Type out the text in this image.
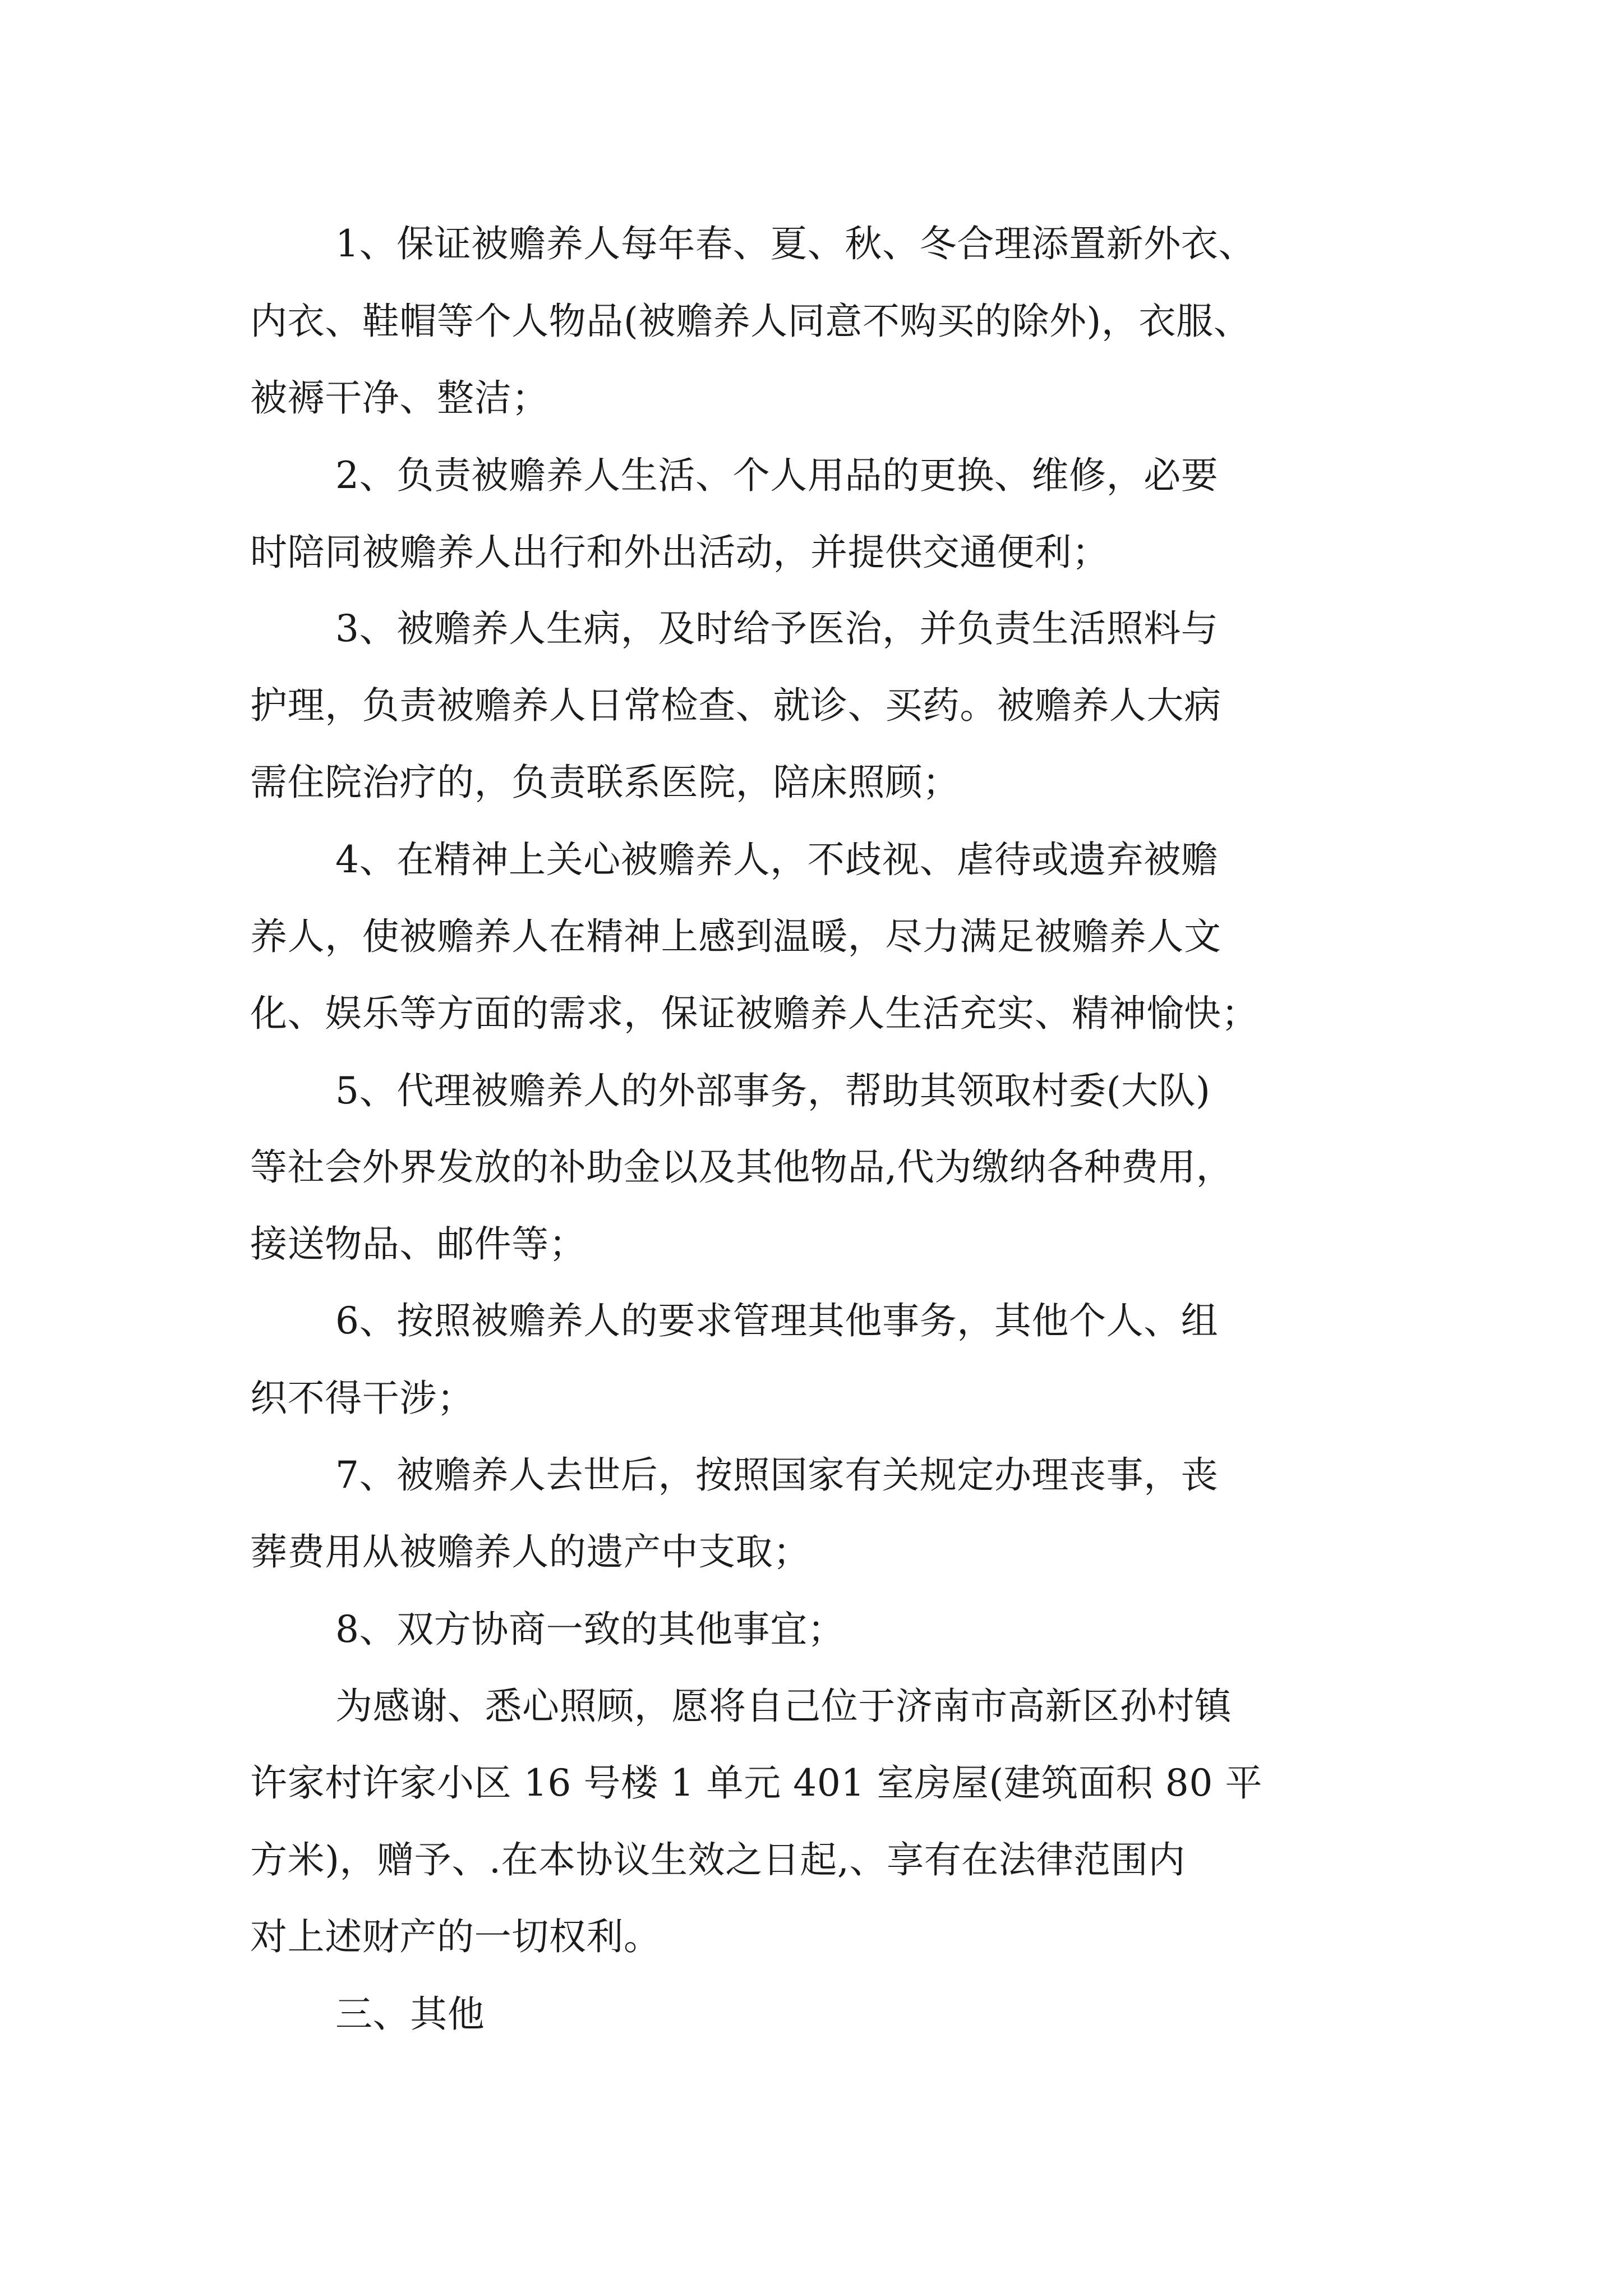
1、保证被赡养人每年春、夏、秋、冬合理添置新外衣、
内衣、鞋帽等个人物品(被赡养人同意不购买的除外)，衣服、
被褥干净、整洁；
2、负责被赡养人生活、个人用品的更换、维修，必要
时陪同被赡养人出行和外出活动，并提供交通便利；
3、被赡养人生病，及时给予医治，并负责生活照料与
护理，负责被赡养人日常检查、就诊、买药。被赡养人大病
需住院治疗的，负责联系医院，陪床照顾；
4、在精神上关心被赡养人，不歧视、虐待或遗弃被赡
养人，使被赡养人在精神上感到温暖，尽力满足被赡养人文
化、娱乐等方面的需求，保证被赡养人生活充实、精神愉快；
5、代理被赡养人的外部事务，帮助其领取村委(大队)
等社会外界发放的补助金以及其他物品,代为缴纳各种费用，
接送物品、邮件等；
6、按照被赡养人的要求管理其他事务，其他个人、组
织不得干涉；
7、被赡养人去世后，按照国家有关规定办理丧事，丧
葬费用从被赡养人的遗产中支取；
8、双方协商一致的其他事宜；
为感谢、悉心照顾，愿将自己位于济南市高新区孙村镇
许家村许家小区 16 号楼 1 单元 401 室房屋(建筑面积 80 平
方米)，赠予、.在本协议生效之日起,、享有在法律范围内
对上述财产的一切权利。
三、其他
